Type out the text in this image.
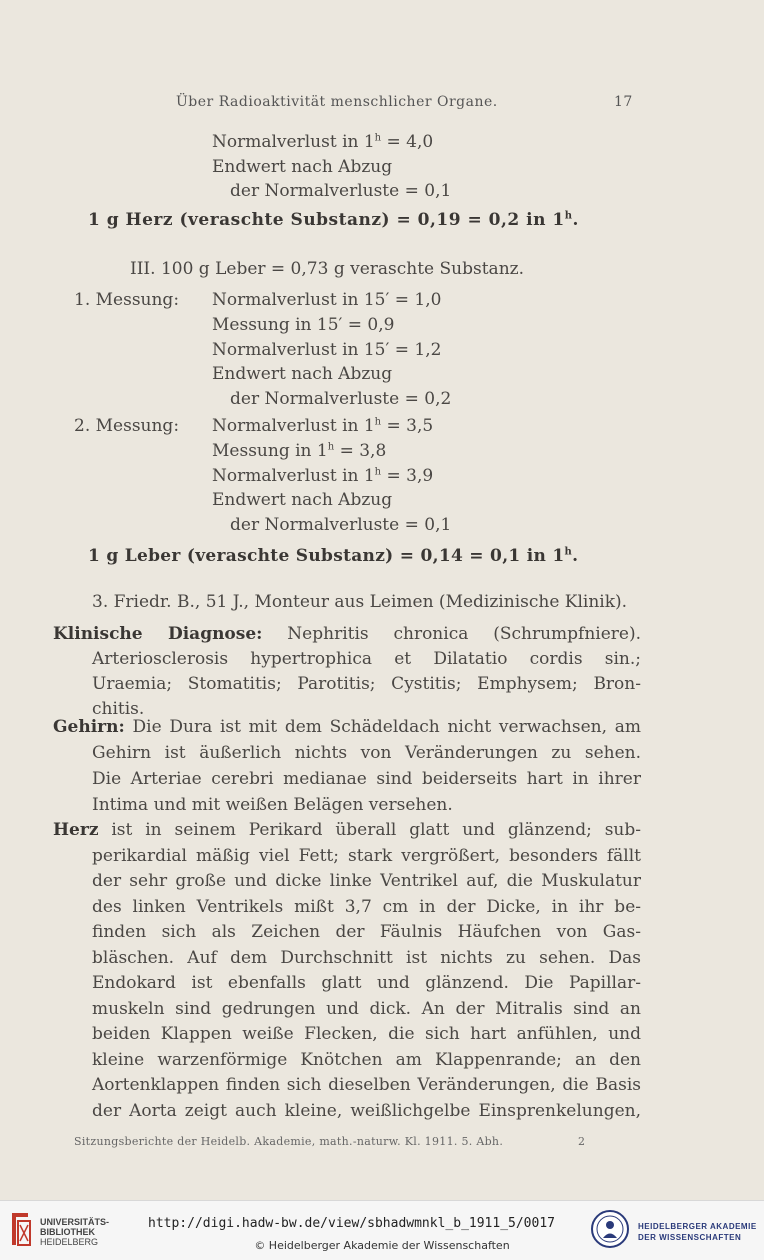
Über Radioaktivität menschlicher Organe.	17
Normalverlust in $1^h = 4,0$
Endwert nach Abzug
der Normalverluste = 0,1
1 g Herz (veraschte Substanz) = 0,19 = 0,2 in 1$^h$.
III. 100 g Leber = 0,73 g veraschte Substanz.
1. Messung: Normalverlust in 15′ = 1,0
Messung in 15′ = 0,9
Normalverlust in 15′ = 1,2
Endwert nach Abzug
der Normalverluste = 0,2
2. Messung: Normalverlust in $1^h = 3,5$
Messung in $1^h = 3,8$
Normalverlust in $1^h = 3,9$
Endwert nach Abzug
der Normalverluste = 0,1
1 g Leber (veraschte Substanz) = 0,14 = 0,1 in 1$^h$.
3. Friedr. B., 51 J., Monteur aus Leimen (Medizinische Klinik).
Klinische Diagnose: Nephritis chronica (Schrumpfniere).
Arteriosclerosis hypertrophica et Dilatatio cordis sin.;
Uraemia; Stomatitis; Parotitis; Cystitis; Emphysem; Bron-
chitis.
Gehirn: Die Dura ist mit dem Schädeldach nicht verwachsen, am
Gehirn ist äußerlich nichts von Veränderungen zu sehen.
Die Arteriae cerebri medianae sind beiderseits hart in ihrer
Intima und mit weißen Belägen versehen.
Herz ist in seinem Perikard überall glatt und glänzend; sub-
perikardial mäßig viel Fett; stark vergrößert, besonders fällt
der sehr große und dicke linke Ventrikel auf, die Muskulatur
des linken Ventrikels mißt 3,7 cm in der Dicke, in ihr be-
finden sich als Zeichen der Fäulnis Häufchen von Gas-
bläschen. Auf dem Durchschnitt ist nichts zu sehen. Das
Endokard ist ebenfalls glatt und glänzend. Die Papillar-
muskeln sind gedrungen und dick. An der Mitralis sind an
beiden Klappen weiße Flecken, die sich hart anfühlen, und
kleine warzenförmige Knötchen am Klappenrande; an den
Aortenklappen finden sich dieselben Veränderungen, die Basis
der Aorta zeigt auch kleine, weißlichgelbe Einsprenkelungen,
Sitzungsberichte der Heidelb. Akademie, math.-naturw. Kl. 1911. 5. Abh.	2
UNIVERSITÄTS-
BIBLIOTHEK
HEIDELBERG
http://digi.hadw-bw.de/view/sbhadwmnkl_b_1911_5/0017
© Heidelberger Akademie der Wissenschaften
HEIDELBERGER AKADEMIE
DER WISSENSCHAFTEN
